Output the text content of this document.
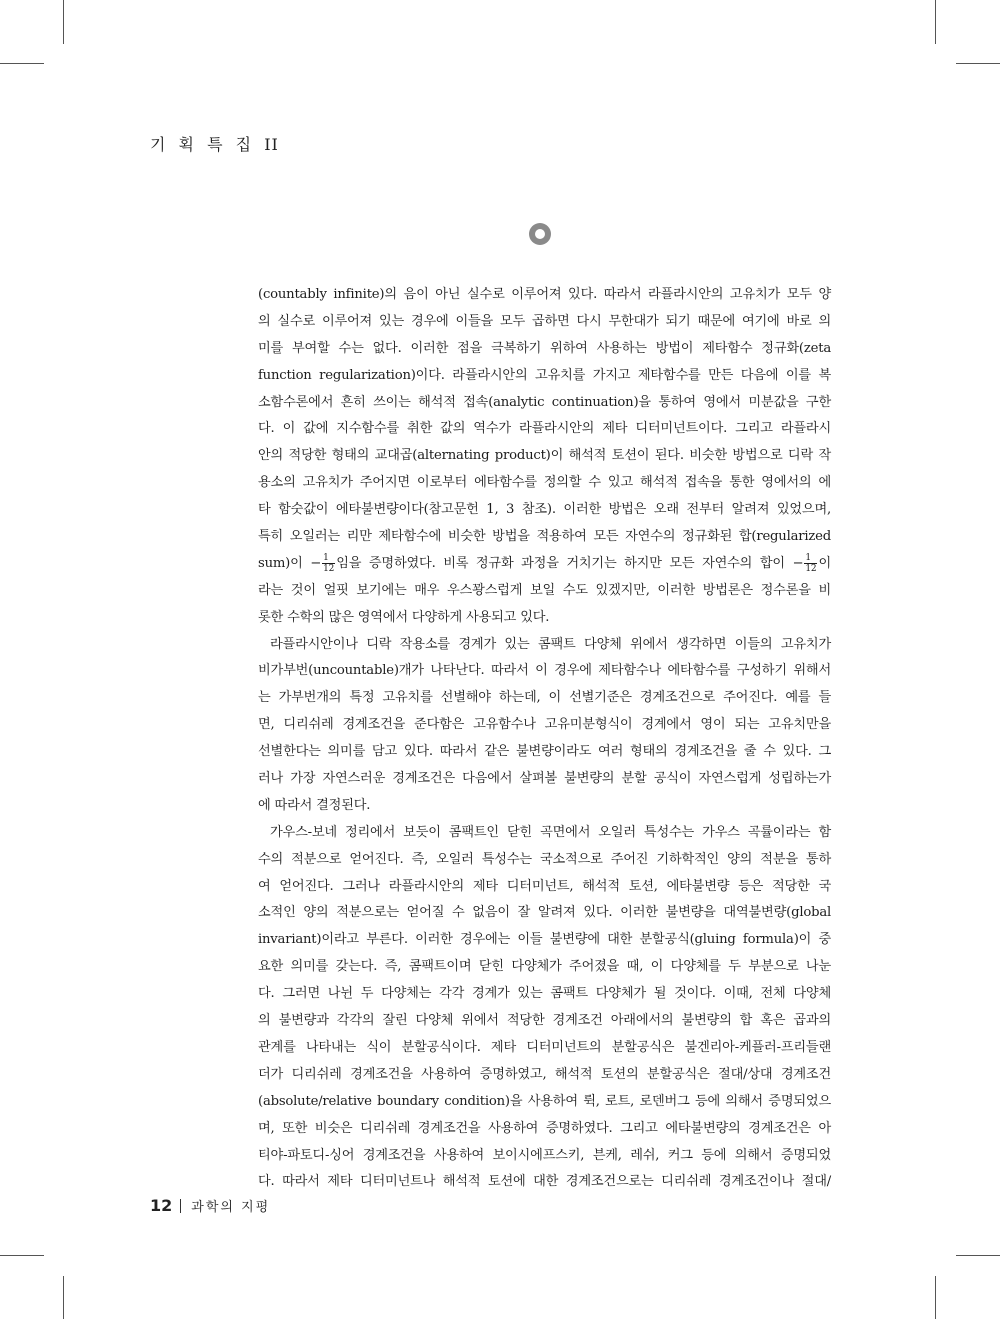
기 획 특 집 II
(countably infinite)의 음이 아닌 실수로 이루어져 있다. 따라서 라플라시안의 고유치가 모두 양
의 실수로 이루어져 있는 경우에 이들을 모두 곱하면 다시 무한대가 되기 때문에 여기에 바로 의
미를 부여할 수는 없다. 이러한 점을 극복하기 위하여 사용하는 방법이 제타함수 정규화(zeta
function regularization)이다. 라플라시안의 고유치를 가지고 제타함수를 만든 다음에 이를 복
소함수론에서 흔히 쓰이는 해석적 접속(analytic continuation)을 통하여 영에서 미분값을 구한
다. 이 값에 지수함수를 취한 값의 역수가 라플라시안의 제타 디터미넌트이다. 그리고 라플라시
안의 적당한 형태의 교대곱(alternating product)이 해석적 토션이 된다. 비슷한 방법으로 디락 작
용소의 고유치가 주어지면 이로부터 에타함수를 정의할 수 있고 해석적 접속을 통한 영에서의 에
타 함숫값이 에타불변량이다(참고문헌 1, 3 참조). 이러한 방법은 오래 전부터 알려져 있었으며,
특히 오일러는 리만 제타함수에 비슷한 방법을 적용하여 모든 자연수의 정규화된 합(regularized
sum)이 − $\frac{1}{12}$ 임을 증명하였다. 비록 정규화 과정을 거치기는 하지만 모든 자연수의 합이 − $\frac{1}{12}$ 이
라는 것이 얼핏 보기에는 매우 우스꽝스럽게 보일 수도 있겠지만, 이러한 방법론은 정수론을 비
롯한 수학의 많은 영역에서 다양하게 사용되고 있다.
라플라시안이나 디락 작용소를 경계가 있는 콤팩트 다양체 위에서 생각하면 이들의 고유치가
비가부번(uncountable)개가 나타난다. 따라서 이 경우에 제타함수나 에타함수를 구성하기 위해서
는 가부번개의 특정 고유치를 선별해야 하는데, 이 선별기준은 경계조건으로 주어진다. 예를 들
면, 디리쉬레 경계조건을 준다함은 고유함수나 고유미분형식이 경계에서 영이 되는 고유치만을
선별한다는 의미를 담고 있다. 따라서 같은 불변량이라도 여러 형태의 경계조건을 줄 수 있다. 그
러나 가장 자연스러운 경계조건은 다음에서 살펴볼 불변량의 분할 공식이 자연스럽게 성립하는가
에 따라서 결정된다.
가우스-보네 정리에서 보듯이 콤팩트인 닫힌 곡면에서 오일러 특성수는 가우스 곡률이라는 함
수의 적분으로 얻어진다. 즉, 오일러 특성수는 국소적으로 주어진 기하학적인 양의 적분을 통하
여 얻어진다. 그러나 라플라시안의 제타 디터미넌트, 해석적 토션, 에타불변량 등은 적당한 국
소적인 양의 적분으로는 얻어질 수 없음이 잘 알려져 있다. 이러한 불변량을 대역불변량(global
invariant)이라고 부른다. 이러한 경우에는 이들 불변량에 대한 분할공식(gluing formula)이 중
요한 의미를 갖는다. 즉, 콤팩트이며 닫힌 다양체가 주어졌을 때, 이 다양체를 두 부분으로 나눈
다. 그러면 나뉜 두 다양체는 각각 경계가 있는 콤팩트 다양체가 될 것이다. 이때, 전체 다양체
의 불변량과 각각의 잘린 다양체 위에서 적당한 경계조건 아래에서의 불변량의 합 혹은 곱과의
관계를 나타내는 식이 분할공식이다. 제타 디터미넌트의 분할공식은 불겐리아-케플러-프리들랜
더가 디리쉬레 경계조건을 사용하여 증명하였고, 해석적 토션의 분할공식은 절대/상대 경계조건
(absolute/relative boundary condition)을 사용하여 뤽, 로트, 로덴버그 등에 의해서 증명되었으
며, 또한 비슷은 디리쉬레 경계조건을 사용하여 증명하였다. 그리고 에타불변량의 경계조건은 아
티야-파토디-싱어 경계조건을 사용하여 보이시에프스키, 븐케, 레쉬, 커그 등에 의해서 증명되었
다. 따라서 제타 디터미넌트나 해석적 토션에 대한 경계조건으로는 디리쉬레 경계조건이나 절대/
12 과학의 지평
